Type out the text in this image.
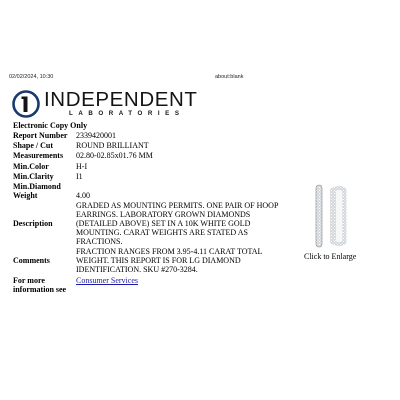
02/02/2024, 10:30	about:blank
INDEPENDENT
LABORATORIES
Electronic Copy Only
Report Number	2339420001
Shape / Cut	ROUND BRILLIANT
Measurements	02.80-02.85x01.76 MM
Min.Color	H-I
Min.Clarity	I1
Min.Diamond Weight	4.00
Description	GRADED AS MOUNTING PERMITS. ONE PAIR OF HOOP EARRINGS. LABORATORY GROWN DIAMONDS (DETAILED ABOVE) SET IN A 10K WHITE GOLD MOUNTING. CARAT WEIGHTS ARE STATED AS FRACTIONS.
Comments	FRACTION RANGES FROM 3.95-4.11 CARAT TOTAL WEIGHT. THIS REPORT IS FOR LG DIAMOND IDENTIFICATION. SKU #270-3284.
For more information see	Consumer Services
Click to Enlarge
